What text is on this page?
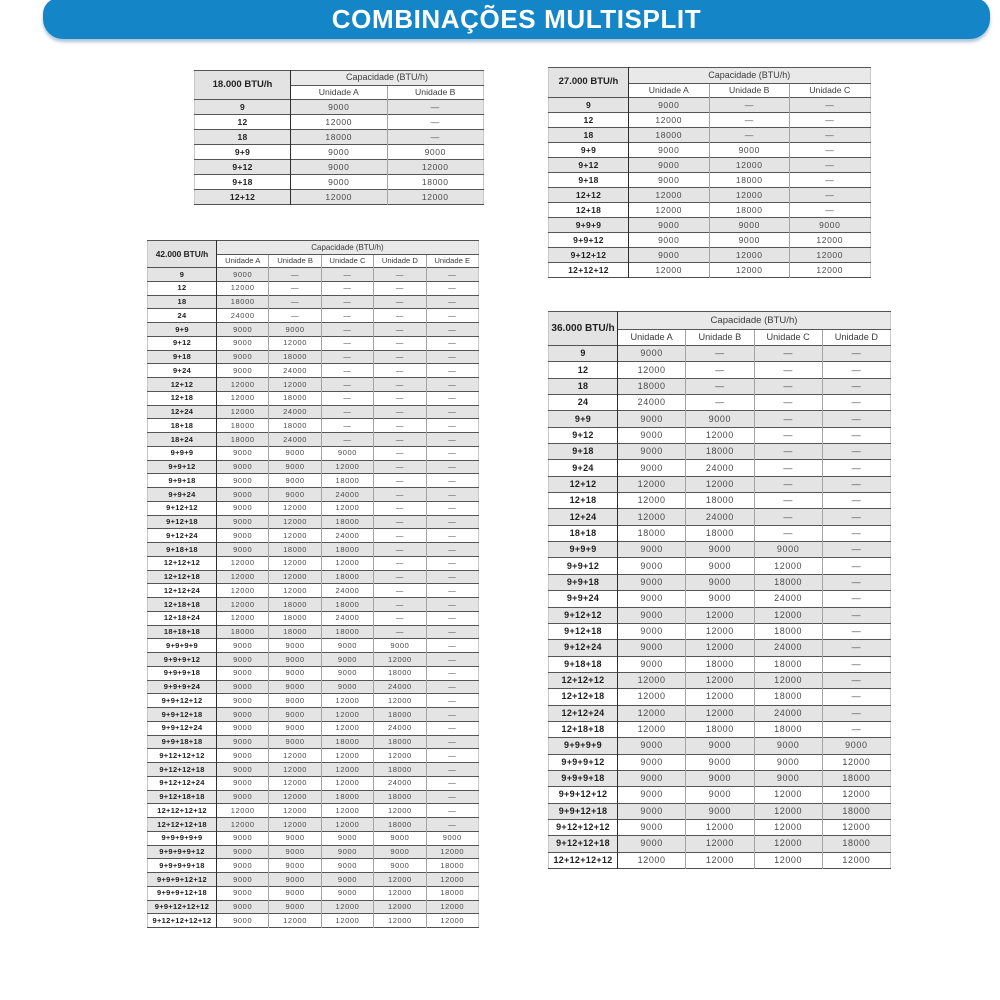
COMBINAÇÕES MULTISPLIT
18.000 BTU/h	Capacidade (BTU/h)	
	Unidade A	Unidade B
9	9000	—
12	12000	—
18	18000	—
9+9	9000	9000
9+12	9000	12000
9+18	9000	18000
12+12	12000	12000
27.000 BTU/h	Capacidade (BTU/h)		
	Unidade A	Unidade B	Unidade C
9	9000	—	—
12	12000	—	—
18	18000	—	—
9+9	9000	9000	—
9+12	9000	12000	—
9+18	9000	18000	—
12+12	12000	12000	—
12+18	12000	18000	—
9+9+9	9000	9000	9000
9+9+12	9000	9000	12000
9+12+12	9000	12000	12000
12+12+12	12000	12000	12000
42.000 BTU/h	Capacidade (BTU/h)				
	Unidade A	Unidade B	Unidade C	Unidade D	Unidade E
9	9000	—	—	—	—
12	12000	—	—	—	—
18	18000	—	—	—	—
24	24000	—	—	—	—
9+9	9000	9000	—	—	—
9+12	9000	12000	—	—	—
9+18	9000	18000	—	—	—
9+24	9000	24000	—	—	—
12+12	12000	12000	—	—	—
12+18	12000	18000	—	—	—
12+24	12000	24000	—	—	—
18+18	18000	18000	—	—	—
18+24	18000	24000	—	—	—
9+9+9	9000	9000	9000	—	—
9+9+12	9000	9000	12000	—	—
9+9+18	9000	9000	18000	—	—
9+9+24	9000	9000	24000	—	—
9+12+12	9000	12000	12000	—	—
9+12+18	9000	12000	18000	—	—
9+12+24	9000	12000	24000	—	—
9+18+18	9000	18000	18000	—	—
12+12+12	12000	12000	12000	—	—
12+12+18	12000	12000	18000	—	—
12+12+24	12000	12000	24000	—	—
12+18+18	12000	18000	18000	—	—
12+18+24	12000	18000	24000	—	—
18+18+18	18000	18000	18000	—	—
9+9+9+9	9000	9000	9000	9000	—
9+9+9+12	9000	9000	9000	12000	—
9+9+9+18	9000	9000	9000	18000	—
9+9+9+24	9000	9000	9000	24000	—
9+9+12+12	9000	9000	12000	12000	—
9+9+12+18	9000	9000	12000	18000	—
9+9+12+24	9000	9000	12000	24000	—
9+9+18+18	9000	9000	18000	18000	—
9+12+12+12	9000	12000	12000	12000	—
9+12+12+18	9000	12000	12000	18000	—
9+12+12+24	9000	12000	12000	24000	—
9+12+18+18	9000	12000	18000	18000	—
12+12+12+12	12000	12000	12000	12000	—
12+12+12+18	12000	12000	12000	18000	—
9+9+9+9+9	9000	9000	9000	9000	9000
9+9+9+9+12	9000	9000	9000	9000	12000
9+9+9+9+18	9000	9000	9000	9000	18000
9+9+9+12+12	9000	9000	9000	12000	12000
9+9+9+12+18	9000	9000	9000	12000	18000
9+9+12+12+12	9000	9000	12000	12000	12000
9+12+12+12+12	9000	12000	12000	12000	12000
36.000 BTU/h	Capacidade (BTU/h)			
	Unidade A	Unidade B	Unidade C	Unidade D
9	9000	—	—	—
12	12000	—	—	—
18	18000	—	—	—
24	24000	—	—	—
9+9	9000	9000	—	—
9+12	9000	12000	—	—
9+18	9000	18000	—	—
9+24	9000	24000	—	—
12+12	12000	12000	—	—
12+18	12000	18000	—	—
12+24	12000	24000	—	—
18+18	18000	18000	—	—
9+9+9	9000	9000	9000	—
9+9+12	9000	9000	12000	—
9+9+18	9000	9000	18000	—
9+9+24	9000	9000	24000	—
9+12+12	9000	12000	12000	—
9+12+18	9000	12000	18000	—
9+12+24	9000	12000	24000	—
9+18+18	9000	18000	18000	—
12+12+12	12000	12000	12000	—
12+12+18	12000	12000	18000	—
12+12+24	12000	12000	24000	—
12+18+18	12000	18000	18000	—
9+9+9+9	9000	9000	9000	9000
9+9+9+12	9000	9000	9000	12000
9+9+9+18	9000	9000	9000	18000
9+9+12+12	9000	9000	12000	12000
9+9+12+18	9000	9000	12000	18000
9+12+12+12	9000	12000	12000	12000
9+12+12+18	9000	12000	12000	18000
12+12+12+12	12000	12000	12000	12000
